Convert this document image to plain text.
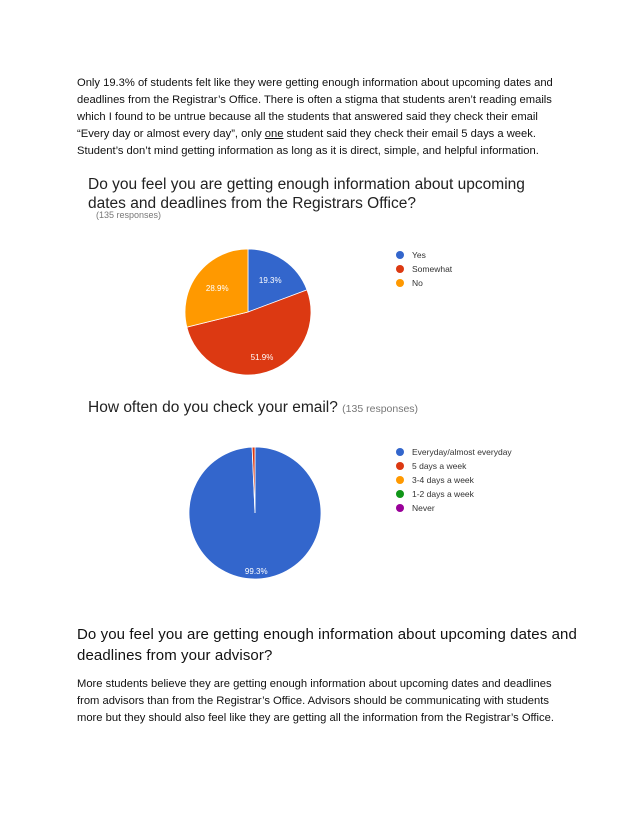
Only 19.3% of students felt like they were getting enough information about upcoming dates and deadlines from the Registrar’s Office. There is often a stigma that students aren’t reading emails which I found to be untrue because all the students that answered said they check their email “Every day or almost every day”, only one student said they check their email 5 days a week. Student’s don’t mind getting information as long as it is direct, simple, and helpful information.
Do you feel you are getting enough information about upcoming dates and deadlines from the Registrars Office?
(135 responses)
19.3%
51.9%
28.9%
Yes
Somewhat
No
How often do you check your email? (135 responses)
99.3%
Everyday/almost everyday
5 days a week
3-4 days a week
1-2 days a week
Never
Do you feel you are getting enough information about upcoming dates and deadlines from your advisor?
More students believe they are getting enough information about upcoming dates and deadlines from advisors than from the Registrar’s Office. Advisors should be communicating with students more but they should also feel like they are getting all the information from the Registrar’s Office.
